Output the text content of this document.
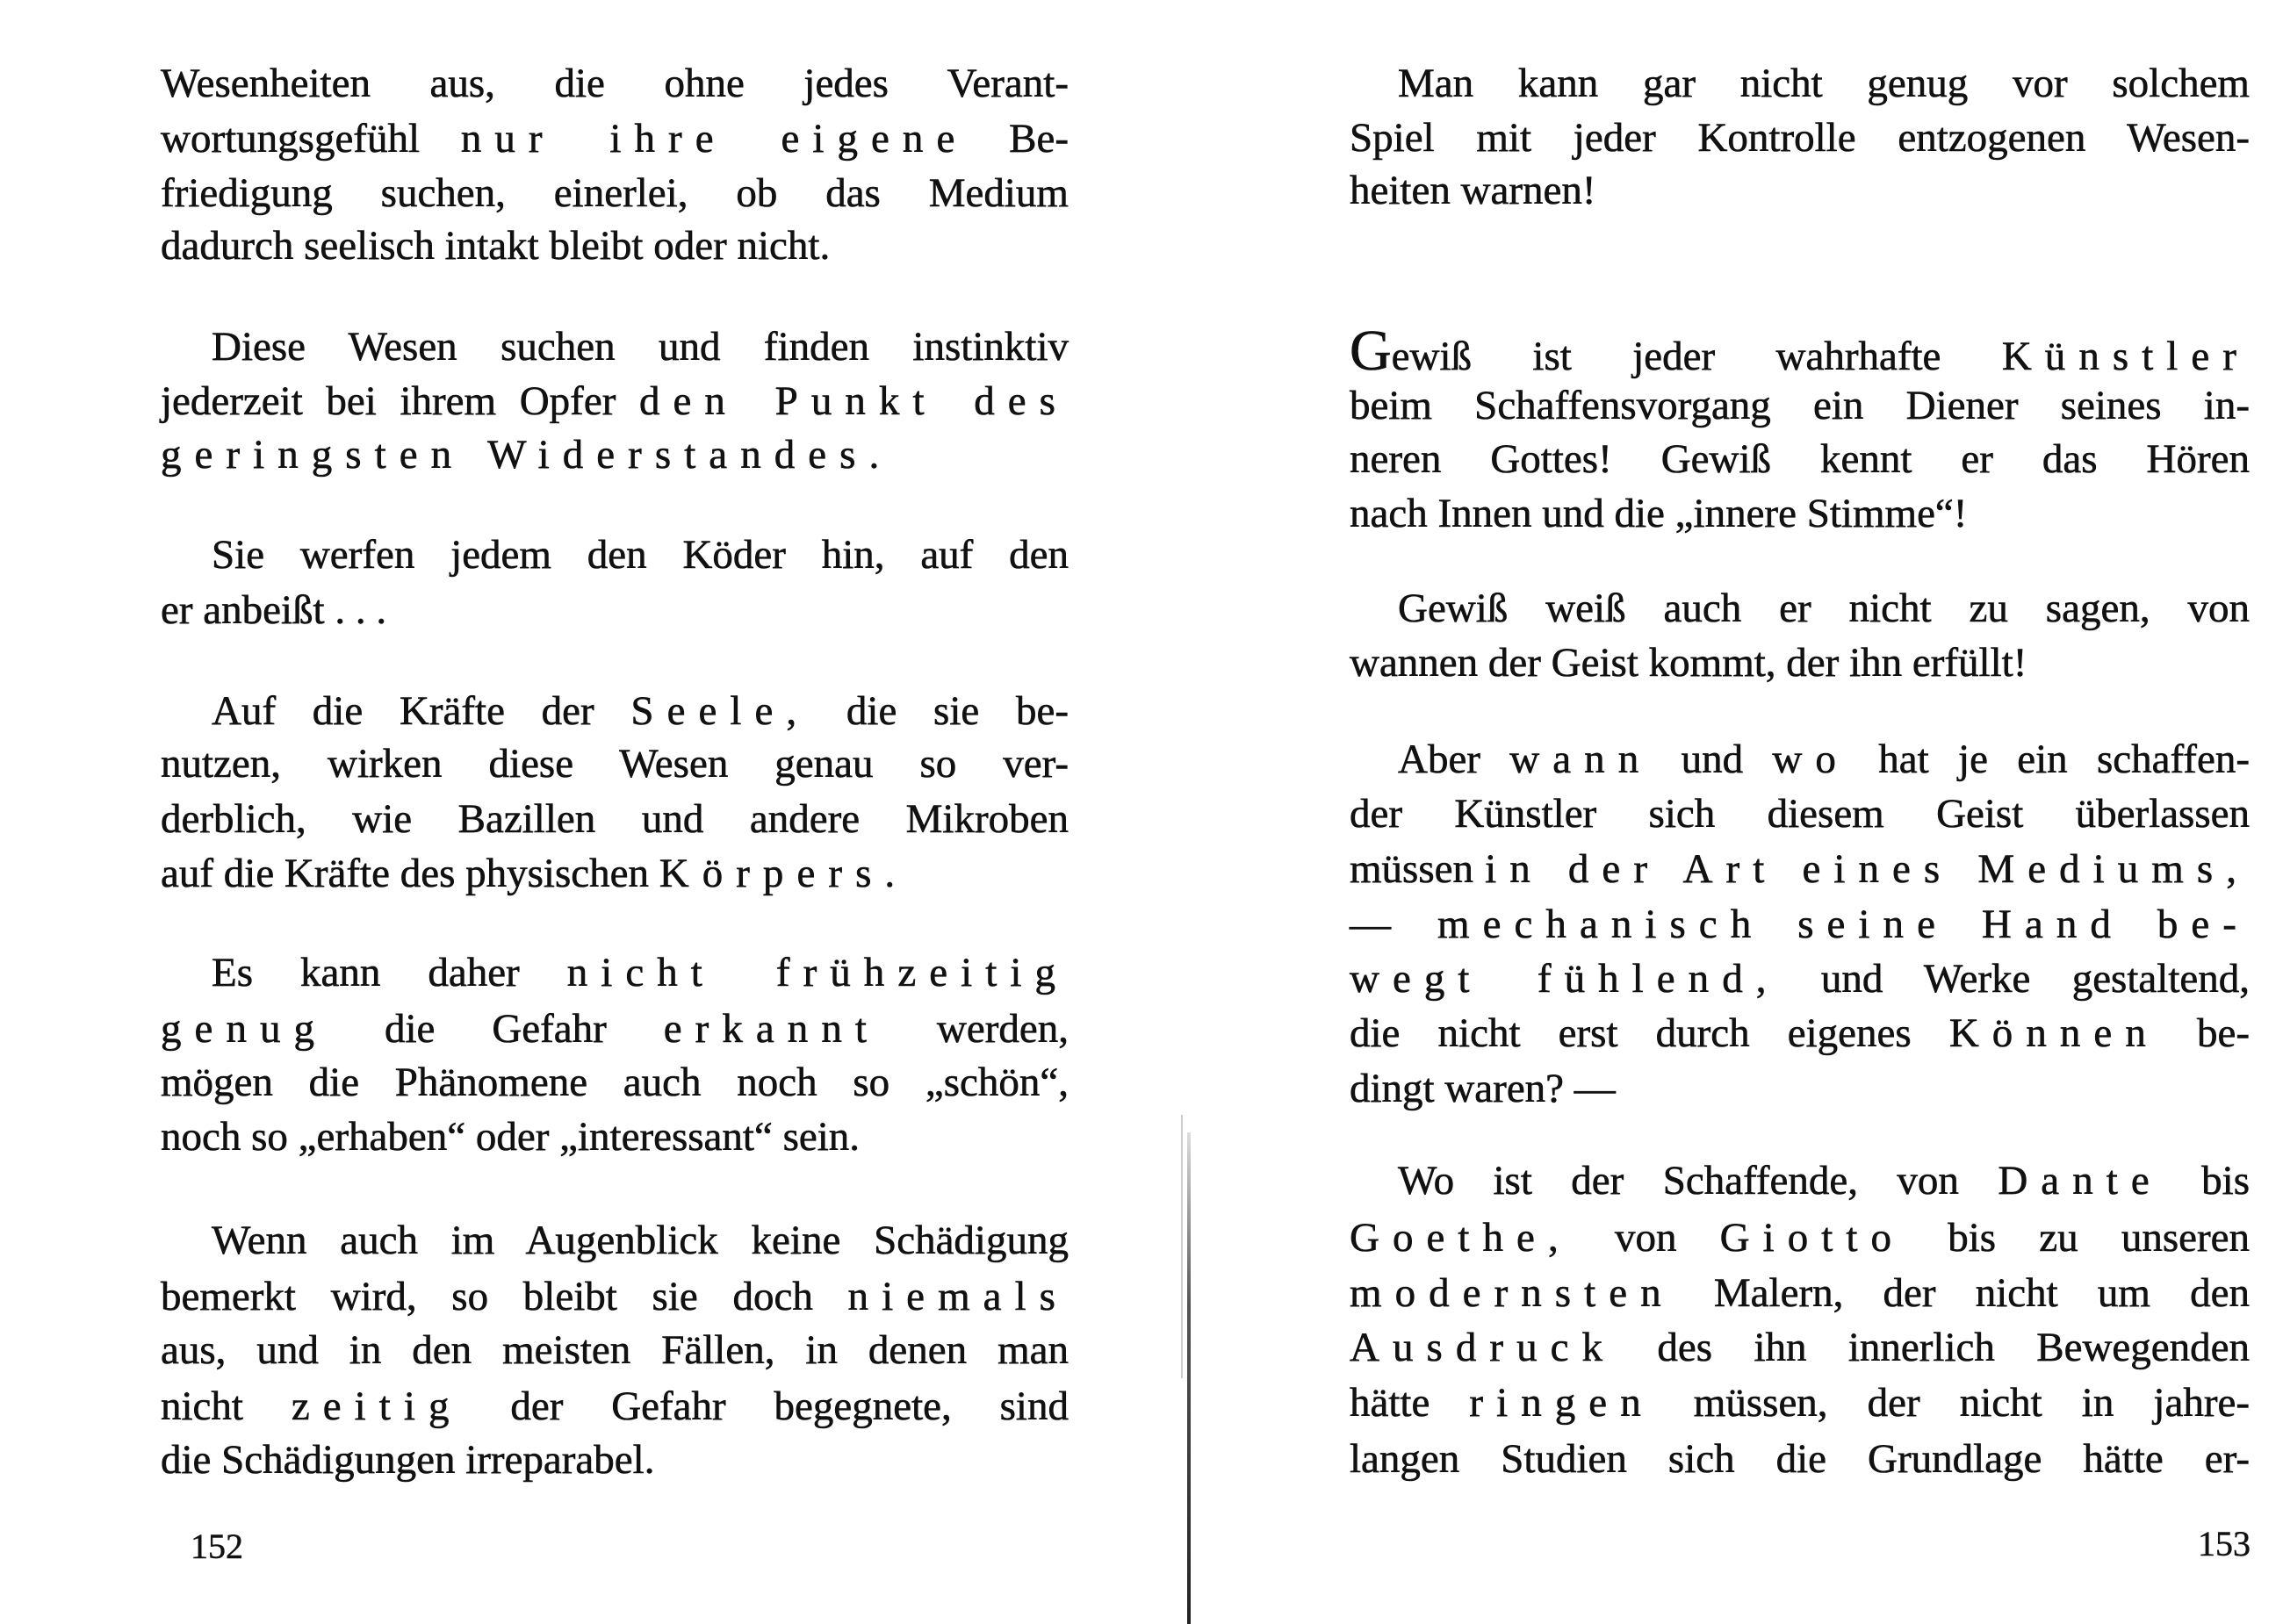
Wesenheiten aus, die ohne jedes Verant-
wortungsgefühl nur ihre eigene Be-
friedigung suchen, einerlei, ob das Medium
dadurch seelisch intakt bleibt oder nicht.
Diese Wesen suchen und finden instinktiv
jederzeit bei ihrem Opfer den Punkt des
geringsten Widerstandes.
Sie werfen jedem den Köder hin, auf den
er anbeißt . . .
Auf die Kräfte der Seele, die sie be-
nutzen, wirken diese Wesen genau so ver-
derblich, wie Bazillen und andere Mikroben
auf die Kräfte des physischen Körpers.
Es kann daher nicht frühzeitig
genug die Gefahr erkannt werden,
mögen die Phänomene auch noch so „schön“,
noch so „erhaben“ oder „interessant“ sein.
Wenn auch im Augenblick keine Schädigung
bemerkt wird, so bleibt sie doch niemals
aus, und in den meisten Fällen, in denen man
nicht zeitig der Gefahr begegnete, sind
die Schädigungen irreparabel.
Man kann gar nicht genug vor solchem
Spiel mit jeder Kontrolle entzogenen Wesen-
heiten warnen!
Gewiß ist jeder wahrhafte Künstler
beim Schaffensvorgang ein Diener seines in-
neren Gottes! Gewiß kennt er das Hören
nach Innen und die „innere Stimme“!
Gewiß weiß auch er nicht zu sagen, von
wannen der Geist kommt, der ihn erfüllt!
Aber wann und wo hat je ein schaffen-
der Künstler sich diesem Geist überlassen
müssen in der Art eines Mediums,
— mechanisch seine Hand be-
wegt fühlend, und Werke gestaltend,
die nicht erst durch eigenes Können be-
dingt waren? —
Wo ist der Schaffende, von Dante bis
Goethe, von Giotto bis zu unseren
modernsten Malern, der nicht um den
Ausdruck des ihn innerlich Bewegenden
hätte ringen müssen, der nicht in jahre-
langen Studien sich die Grundlage hätte er-
152	153
